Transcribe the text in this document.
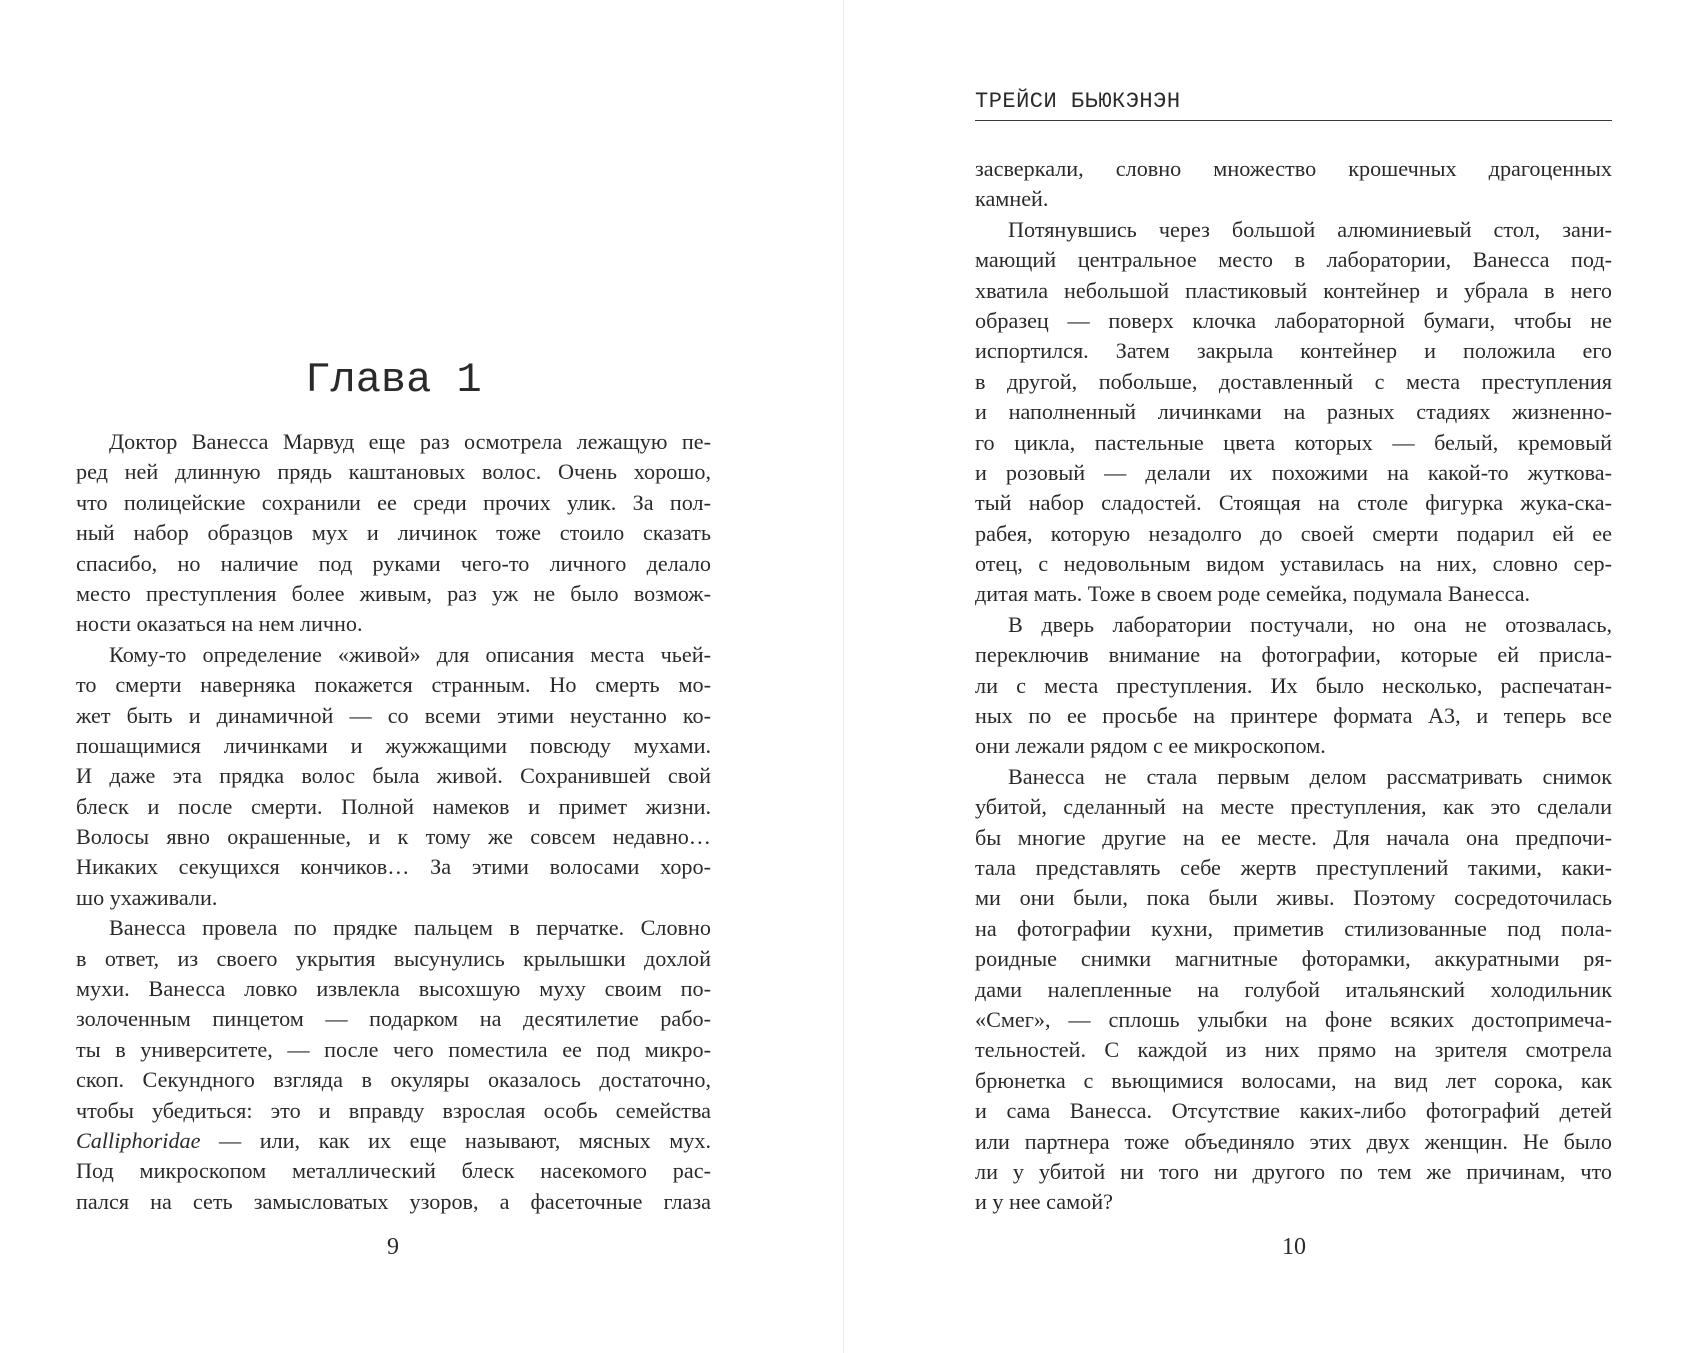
Глава 1
Доктор Ванесса Марвуд еще раз осмотрела лежащую пе-
ред ней длинную прядь каштановых волос. Очень хорошо,
что полицейские сохранили ее среди прочих улик. За пол-
ный набор образцов мух и личинок тоже стоило сказать
спасибо, но наличие под руками чего-то личного делало
место преступления более живым, раз уж не было возмож-
ности оказаться на нем лично.
Кому-то определение «живой» для описания места чьей-
то смерти наверняка покажется странным. Но смерть мо-
жет быть и динамичной — со всеми этими неустанно ко-
пошащимися личинками и жужжащими повсюду мухами.
И даже эта прядка волос была живой. Сохранившей свой
блеск и после смерти. Полной намеков и примет жизни.
Волосы явно окрашенные, и к тому же совсем недавно…
Никаких секущихся кончиков… За этими волосами хоро-
шо ухаживали.
Ванесса провела по прядке пальцем в перчатке. Словно
в ответ, из своего укрытия высунулись крылышки дохлой
мухи. Ванесса ловко извлекла высохшую муху своим по-
золоченным пинцетом — подарком на десятилетие рабо-
ты в университете, — после чего поместила ее под микро-
скоп. Секундного взгляда в окуляры оказалось достаточно,
чтобы убедиться: это и вправду взрослая особь семейства
Calliphoridae — или, как их еще называют, мясных мух.
Под микроскопом металлический блеск насекомого рас-
пался на сеть замысловатых узоров, а фасеточные глаза
9
ТРЕЙСИ БЬЮКЭНЭН
засверкали, словно множество крошечных драгоценных
камней.
Потянувшись через большой алюминиевый стол, зани-
мающий центральное место в лаборатории, Ванесса под-
хватила небольшой пластиковый контейнер и убрала в него
образец — поверх клочка лабораторной бумаги, чтобы не
испортился. Затем закрыла контейнер и положила его
в другой, побольше, доставленный с места преступления
и наполненный личинками на разных стадиях жизненно-
го цикла, пастельные цвета которых — белый, кремовый
и розовый — делали их похожими на какой-то жуткова-
тый набор сладостей. Стоящая на столе фигурка жука-ска-
рабея, которую незадолго до своей смерти подарил ей ее
отец, с недовольным видом уставилась на них, словно сер-
дитая мать. Тоже в своем роде семейка, подумала Ванесса.
В дверь лаборатории постучали, но она не отозвалась,
переключив внимание на фотографии, которые ей присла-
ли с места преступления. Их было несколько, распечатан-
ных по ее просьбе на принтере формата А3, и теперь все
они лежали рядом с ее микроскопом.
Ванесса не стала первым делом рассматривать снимок
убитой, сделанный на месте преступления, как это сделали
бы многие другие на ее месте. Для начала она предпочи-
тала представлять себе жертв преступлений такими, каки-
ми они были, пока были живы. Поэтому сосредоточилась
на фотографии кухни, приметив стилизованные под пола-
роидные снимки магнитные фоторамки, аккуратными ря-
дами налепленные на голубой итальянский холодильник
«Смег», — сплошь улыбки на фоне всяких достопримеча-
тельностей. С каждой из них прямо на зрителя смотрела
брюнетка с вьющимися волосами, на вид лет сорока, как
и сама Ванесса. Отсутствие каких-либо фотографий детей
или партнера тоже объединяло этих двух женщин. Не было
ли у убитой ни того ни другого по тем же причинам, что
и у нее самой?
10
